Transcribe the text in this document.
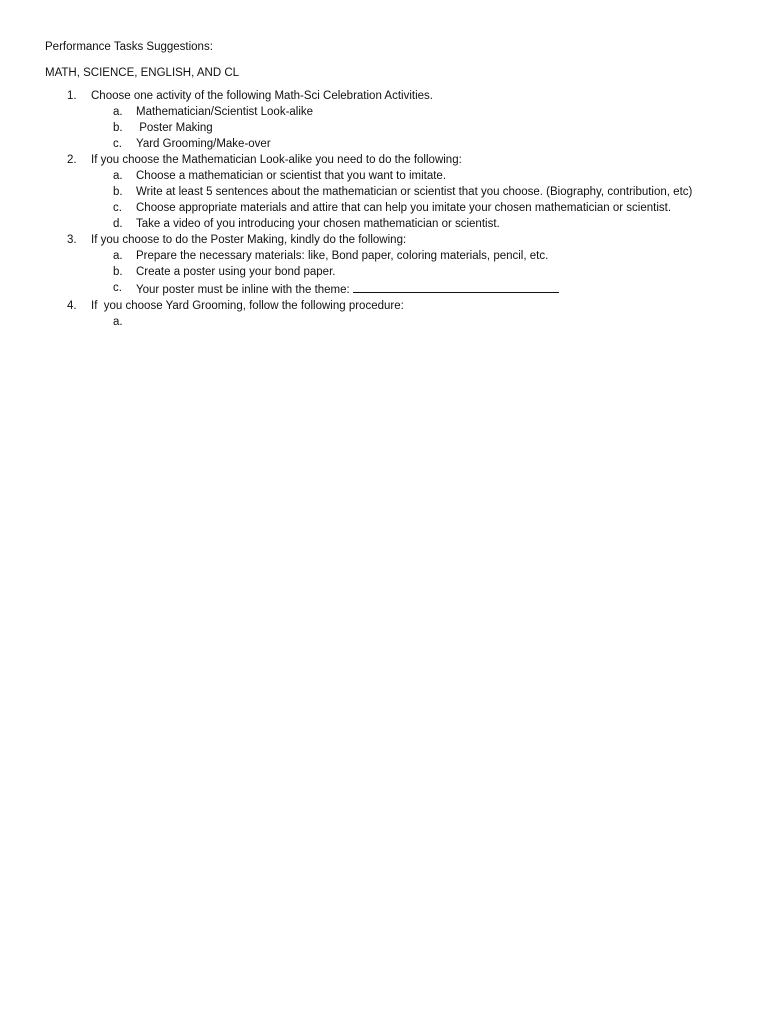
Performance Tasks Suggestions:
MATH, SCIENCE, ENGLISH, AND CL
1. Choose one activity of the following Math-Sci Celebration Activities.
a. Mathematician/Scientist Look-alike
b. Poster Making
c. Yard Grooming/Make-over
2. If you choose the Mathematician Look-alike you need to do the following:
a. Choose a mathematician or scientist that you want to imitate.
b. Write at least 5 sentences about the mathematician or scientist that you choose. (Biography, contribution, etc)
c. Choose appropriate materials and attire that can help you imitate your chosen mathematician or scientist.
d. Take a video of you introducing your chosen mathematician or scientist.
3. If you choose to do the Poster Making, kindly do the following:
a. Prepare the necessary materials: like, Bond paper, coloring materials, pencil, etc.
b. Create a poster using your bond paper.
c. Your poster must be inline with the theme:
4. If  you choose Yard Grooming, follow the following procedure:
a.
